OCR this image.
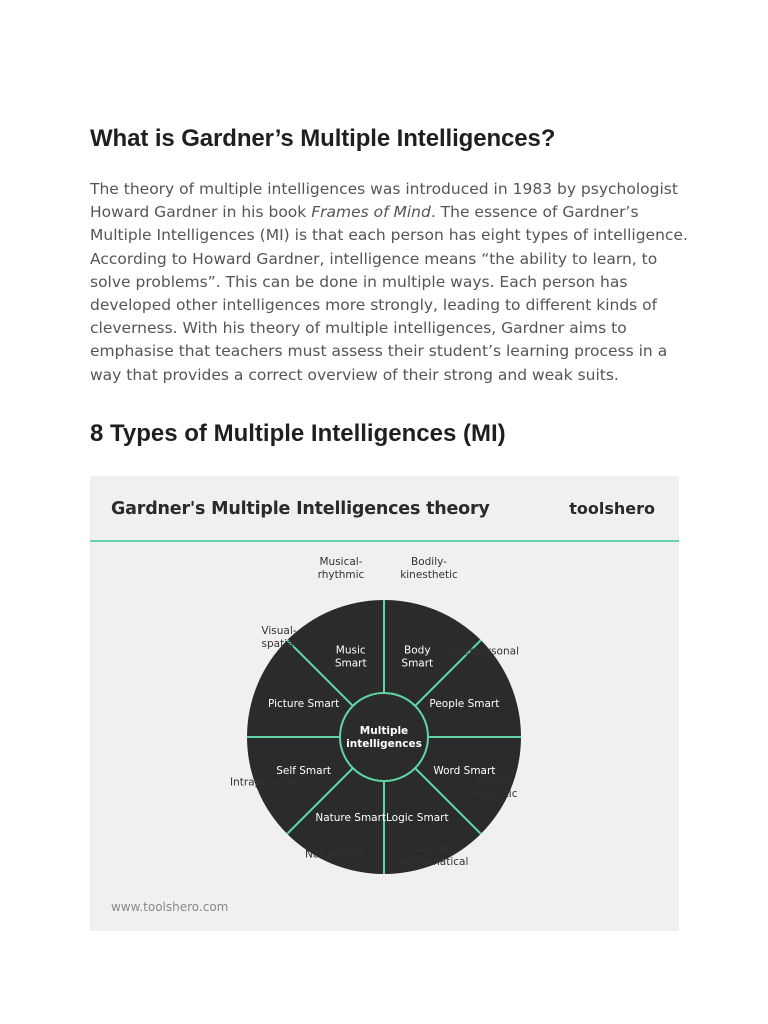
What is Gardner’s Multiple Intelligences?

The theory of multiple intelligences was introduced in 1983 by psychologist Howard Gardner in his book Frames of Mind. The essence of Gardner’s Multiple Intelligences (MI) is that each person has eight types of intelligence. According to Howard Gardner, intelligence means “the ability to learn, to solve problems”. This can be done in multiple ways. Each person has developed other intelligences more strongly, leading to different kinds of cleverness. With his theory of multiple intelligences, Gardner aims to emphasise that teachers must assess their student’s learning process in a way that provides a correct overview of their strong and weak suits.

8 Types of Multiple Intelligences (MI)
Gardner's Multiple Intelligences theory	toolshero
Multiple intelligences
Music Smart
Musical-rhythmic
Body Smart
Bodily-kinesthetic
People Smart
Interpersonal
Word Smart
Verbal-linguistic
Logic Smart
Logical-mathematical
Nature Smart
Naturalistic
Self Smart
Intrapersonal
Picture Smart
Visual-spatial
www.toolshero.com
